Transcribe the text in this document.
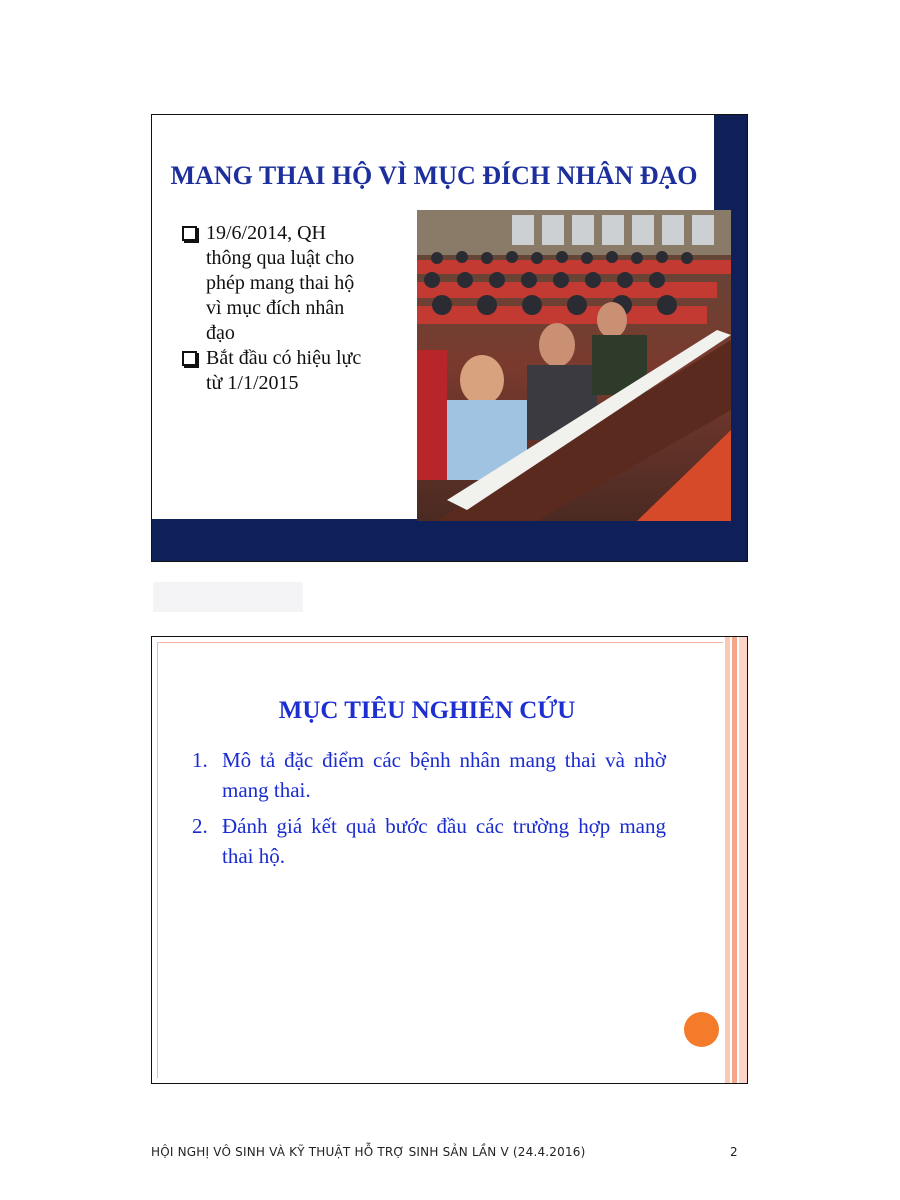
MANG THAI HỘ VÌ MỤC ĐÍCH NHÂN ĐẠO
19/6/2014, QH
thông qua luật cho
phép mang thai hộ
vì mục đích nhân
đạo
Bắt đầu có hiệu lực
từ 1/1/2015
MỤC TIÊU NGHIÊN CỨU
1. Mô tả đặc điểm các bệnh nhân mang thai và nhờ mang thai.
2. Đánh giá kết quả bước đầu các trường hợp mang thai hộ.
HỘI NGHỊ VÔ SINH VÀ KỸ THUẬT HỖ TRỢ SINH SẢN LẦN V (24.4.2016)	2
